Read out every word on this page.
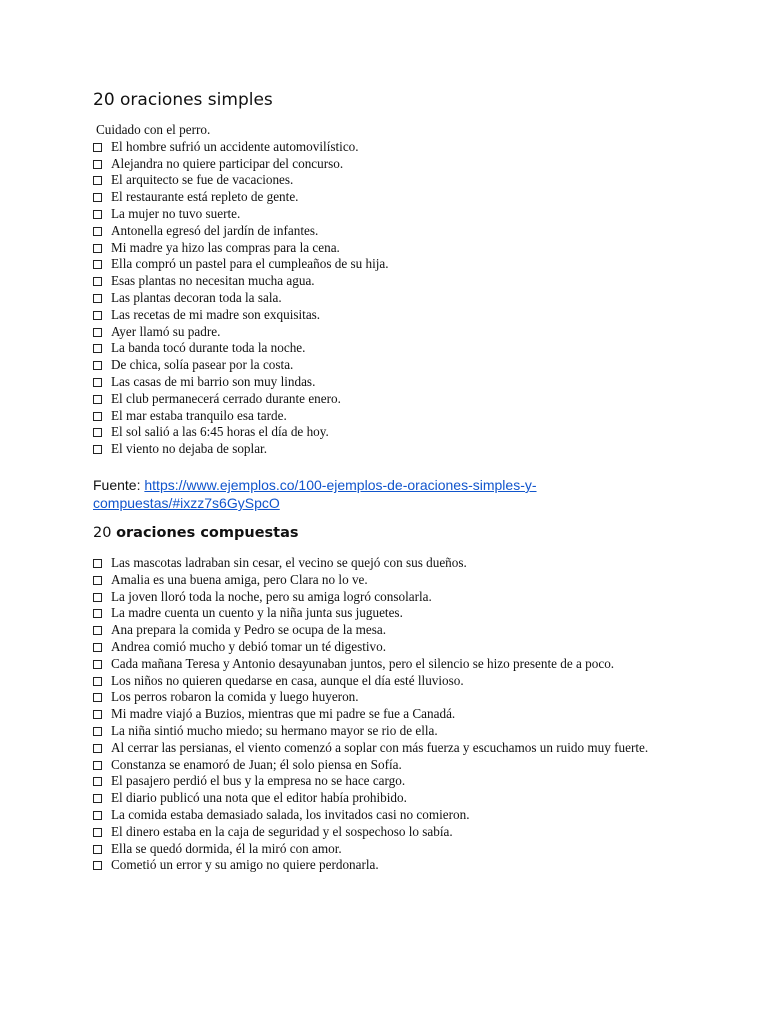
20 oraciones simples
Cuidado con el perro.
El hombre sufrió un accidente automovilístico.
Alejandra no quiere participar del concurso.
El arquitecto se fue de vacaciones.
El restaurante está repleto de gente.
La mujer no tuvo suerte.
Antonella egresó del jardín de infantes.
Mi madre ya hizo las compras para la cena.
Ella compró un pastel para el cumpleaños de su hija.
Esas plantas no necesitan mucha agua.
Las plantas decoran toda la sala.
Las recetas de mi madre son exquisitas.
Ayer llamó su padre.
La banda tocó durante toda la noche.
De chica, solía pasear por la costa.
Las casas de mi barrio son muy lindas.
El club permanecerá cerrado durante enero.
El mar estaba tranquilo esa tarde.
El sol salió a las 6:45 horas el día de hoy.
El viento no dejaba de soplar.
Fuente: https://www.ejemplos.co/100-ejemplos-de-oraciones-simples-y-
compuestas/#ixzz7s6GySpcO
20 oraciones compuestas
Las mascotas ladraban sin cesar, el vecino se quejó con sus dueños.
Amalia es una buena amiga, pero Clara no lo ve.
La joven lloró toda la noche, pero su amiga logró consolarla.
La madre cuenta un cuento y la niña junta sus juguetes.
Ana prepara la comida y Pedro se ocupa de la mesa.
Andrea comió mucho y debió tomar un té digestivo.
Cada mañana Teresa y Antonio desayunaban juntos, pero el silencio se hizo presente de a poco.
Los niños no quieren quedarse en casa, aunque el día esté lluvioso.
Los perros robaron la comida y luego huyeron.
Mi madre viajó a Buzios, mientras que mi padre se fue a Canadá.
La niña sintió mucho miedo; su hermano mayor se rio de ella.
Al cerrar las persianas, el viento comenzó a soplar con más fuerza y escuchamos un ruido muy fuerte.
Constanza se enamoró de Juan; él solo piensa en Sofía.
El pasajero perdió el bus y la empresa no se hace cargo.
El diario publicó una nota que el editor había prohibido.
La comida estaba demasiado salada, los invitados casi no comieron.
El dinero estaba en la caja de seguridad y el sospechoso lo sabía.
Ella se quedó dormida, él la miró con amor.
Cometió un error y su amigo no quiere perdonarla.
